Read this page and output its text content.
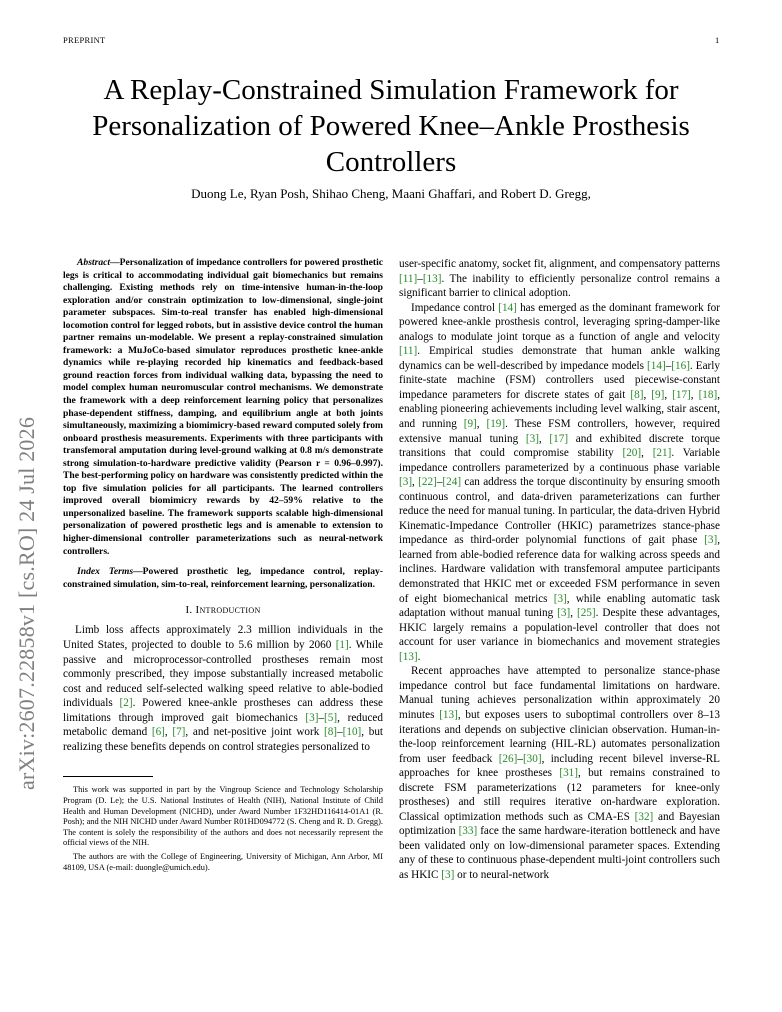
PREPRINT	1
A Replay-Constrained Simulation Framework for Personalization of Powered Knee–Ankle Prosthesis Controllers
Duong Le, Ryan Posh, Shihao Cheng, Maani Ghaffari, and Robert D. Gregg,
arXiv:2607.22858v1 [cs.RO] 24 Jul 2026

Abstract—Personalization of impedance controllers for powered prosthetic legs is critical to accommodating individual gait biomechanics but remains challenging. Existing methods rely on time-intensive human-in-the-loop exploration and/or constrain optimization to low-dimensional, single-joint parameter subspaces. Sim-to-real transfer has enabled high-dimensional locomotion control for legged robots, but in assistive device control the human partner remains un-modelable. We present a replay-constrained simulation framework: a MuJoCo-based simulator reproduces prosthetic knee-ankle dynamics while re-playing recorded hip kinematics and feedback-based ground reaction forces from individual walking data, bypassing the need to model complex human neuromuscular control mechanisms. We demonstrate the framework with a deep reinforcement learning policy that personalizes phase-dependent stiffness, damping, and equilibrium angle at both joints simultaneously, maximizing a biomimicry-based reward computed solely from onboard prosthesis measurements. Experiments with three participants with transfemoral amputation during level-ground walking at 0.8 m/s demonstrate strong simulation-to-hardware predictive validity (Pearson r = 0.96–0.997). The best-performing policy on hardware was consistently predicted within the top five simulation policies for all participants. The learned controllers improved overall biomimicry rewards by 42–59% relative to the unpersonalized baseline. The framework supports scalable high-dimensional personalization of powered prosthetic legs and is amenable to extension to higher-dimensional controller parameterizations such as neural-network controllers.

Index Terms—Powered prosthetic leg, impedance control, replay-constrained simulation, sim-to-real, reinforcement learning, personalization.

I. Introduction

Limb loss affects approximately 2.3 million individuals in the United States, projected to double to 5.6 million by 2060 [1]. While passive and microprocessor-controlled prostheses remain most commonly prescribed, they impose substantially increased metabolic cost and reduced self-selected walking speed relative to able-bodied individuals [2]. Powered knee-ankle prostheses can address these limitations through improved gait biomechanics [3]–[5], reduced metabolic demand [6], [7], and net-positive joint work [8]–[10], but realizing these benefits depends on control strategies personalized to

This work was supported in part by the Vingroup Science and Technology Scholarship Program (D. Le); the U.S. National Institutes of Health (NIH), National Institute of Child Health and Human Development (NICHD), under Award Number 1F32HD116414-01A1 (R. Posh); and the NIH NICHD under Award Number R01HD094772 (S. Cheng and R. D. Gregg). The content is solely the responsibility of the authors and does not necessarily represent the official views of the NIH.

The authors are with the College of Engineering, University of Michigan, Ann Arbor, MI 48109, USA (e-mail: duongle@umich.edu).

user-specific anatomy, socket fit, alignment, and compensatory patterns [11]–[13]. The inability to efficiently personalize control remains a significant barrier to clinical adoption.

Impedance control [14] has emerged as the dominant framework for powered knee-ankle prosthesis control, leveraging spring-damper-like analogs to modulate joint torque as a function of angle and velocity [11]. Empirical studies demonstrate that human ankle walking dynamics can be well-described by impedance models [14]–[16]. Early finite-state machine (FSM) controllers used piecewise-constant impedance parameters for discrete states of gait [8], [9], [17], [18], enabling pioneering achievements including level walking, stair ascent, and running [9], [19]. These FSM controllers, however, required extensive manual tuning [3], [17] and exhibited discrete torque transitions that could compromise stability [20], [21]. Variable impedance controllers parameterized by a continuous phase variable [3], [22]–[24] can address the torque discontinuity by ensuring smooth continuous control, and data-driven parameterizations can further reduce the need for manual tuning. In particular, the data-driven Hybrid Kinematic-Impedance Controller (HKIC) parametrizes stance-phase impedance as third-order polynomial functions of gait phase [3], learned from able-bodied reference data for walking across speeds and inclines. Hardware validation with transfemoral amputee participants demonstrated that HKIC met or exceeded FSM performance in seven of eight biomechanical metrics [3], while enabling automatic task adaptation without manual tuning [3], [25]. Despite these advantages, HKIC largely remains a population-level controller that does not account for user variance in biomechanics and movement strategies [13].

Recent approaches have attempted to personalize stance-phase impedance control but face fundamental limitations on hardware. Manual tuning achieves personalization within approximately 20 minutes [13], but exposes users to suboptimal controllers over 8–13 iterations and depends on subjective clinician observation. Human-in-the-loop reinforcement learning (HIL-RL) automates personalization from user feedback [26]–[30], including recent bilevel inverse-RL approaches for knee prostheses [31], but remains constrained to discrete FSM parameterizations (12 parameters for knee-only prostheses) and still requires iterative on-hardware exploration. Classical optimization methods such as CMA-ES [32] and Bayesian optimization [33] face the same hardware-iteration bottleneck and have been validated only on low-dimensional parameter spaces. Extending any of these to continuous phase-dependent multi-joint controllers such as HKIC [3] or to neural-network
